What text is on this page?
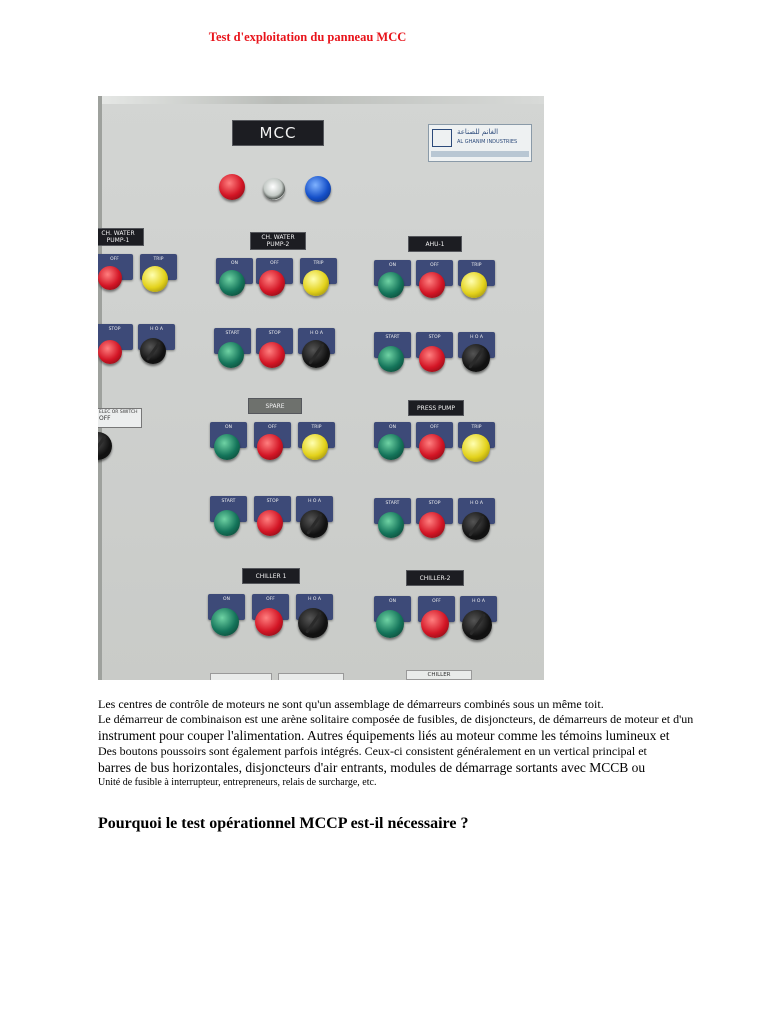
Test d'exploitation du panneau MCC
MCC	الغانم للصناعة
AL GHANIM INDUSTRIES
CH. WATER PUMP-1	CH. WATER PUMP-2	AHU-1
OFF	TRIP
ON	OFF	TRIP	ON	OFF	TRIP
STOP	H O A
START	STOP	H O A
START	STOP	H O A
ELEC OR SWITCH
OFF
SPARE	PRESS PUMP
ON	OFF	TRIP	ON	OFF	TRIP
START	STOP	H O A	START	STOP	H O A
CHILLER 1	CHILLER-2
ON	OFF	H O A	ON	OFF	H O A
CHILLER

Les centres de contrôle de moteurs ne sont qu'un assemblage de démarreurs combinés sous un même toit.
Le démarreur de combinaison est une arène solitaire composée de fusibles, de disjoncteurs, de démarreurs de moteur et d'un
instrument pour couper l'alimentation. Autres équipements liés au moteur comme les témoins lumineux et
Des boutons poussoirs sont également parfois intégrés. Ceux-ci consistent généralement en un vertical principal et
barres de bus horizontales, disjoncteurs d'air entrants, modules de démarrage sortants avec MCCB ou
Unité de fusible à interrupteur, entrepreneurs, relais de surcharge, etc.

Pourquoi le test opérationnel MCCP est-il nécessaire ?
